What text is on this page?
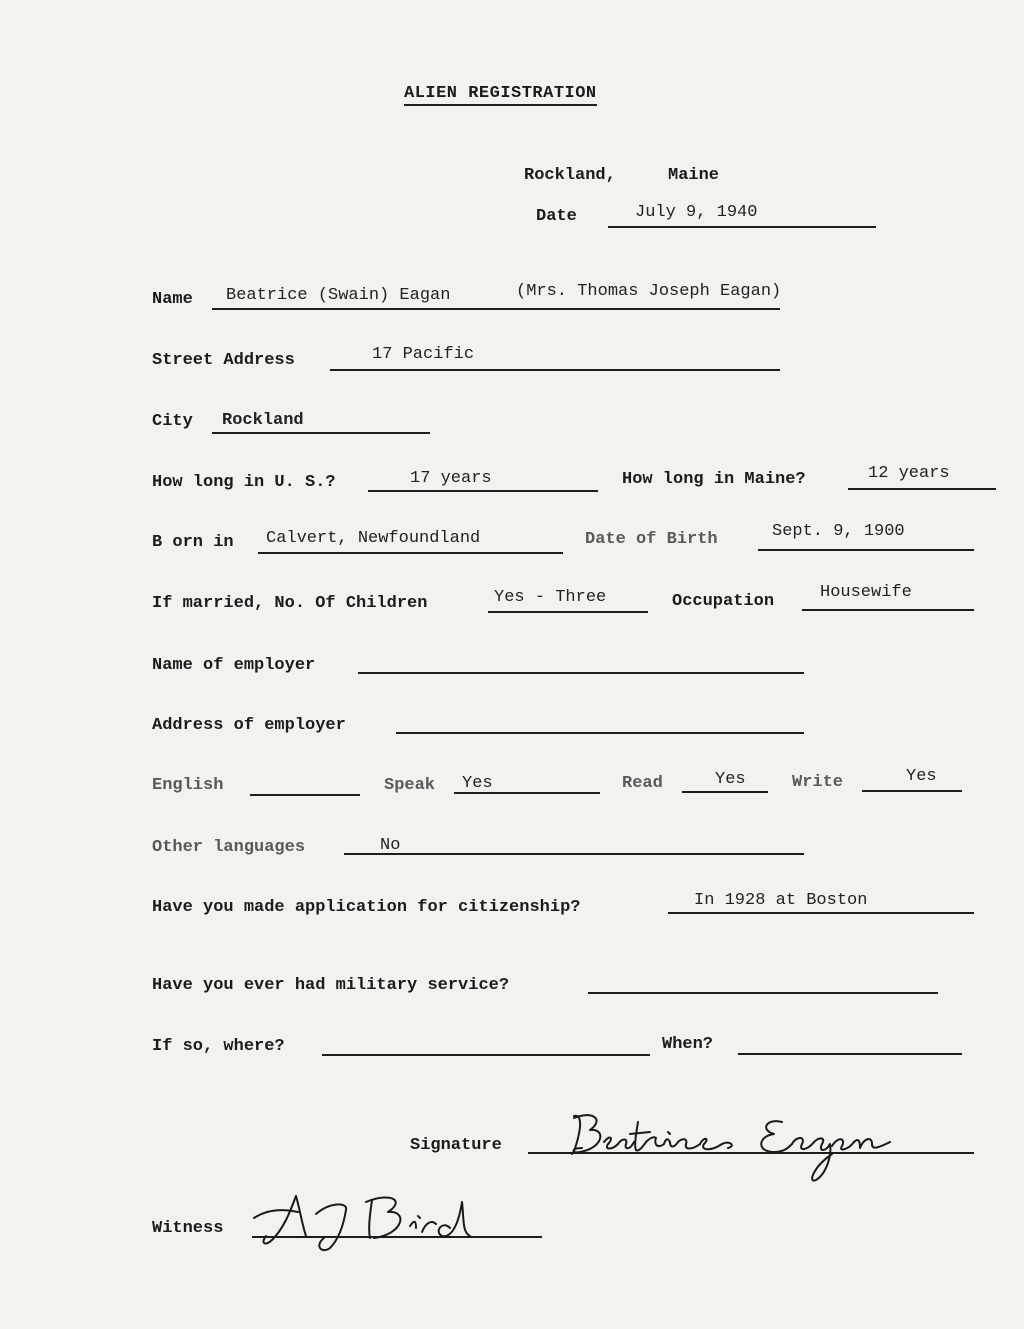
ALIEN REGISTRATION
Rockland,	Maine
Date	July 9, 1940
Name Beatrice (Swain) Eagan	(Mrs. Thomas Joseph Eagan)
Street Address	17 Pacific
City Rockland
How long in U. S.?	17 years	How long in Maine?	12 years
B orn in Calvert, Newfoundland	Date of Birth	Sept. 9, 1900
If married, No. Of Children	Yes - Three	Occupation	Housewife
Name of employer
Address of employer
English	Speak Yes	Read	Yes	Write	Yes
Other languages	No
Have you made application for citizenship?	In 1928 at Boston
Have you ever had military service?
If so, where?	When?
Signature
Witness
